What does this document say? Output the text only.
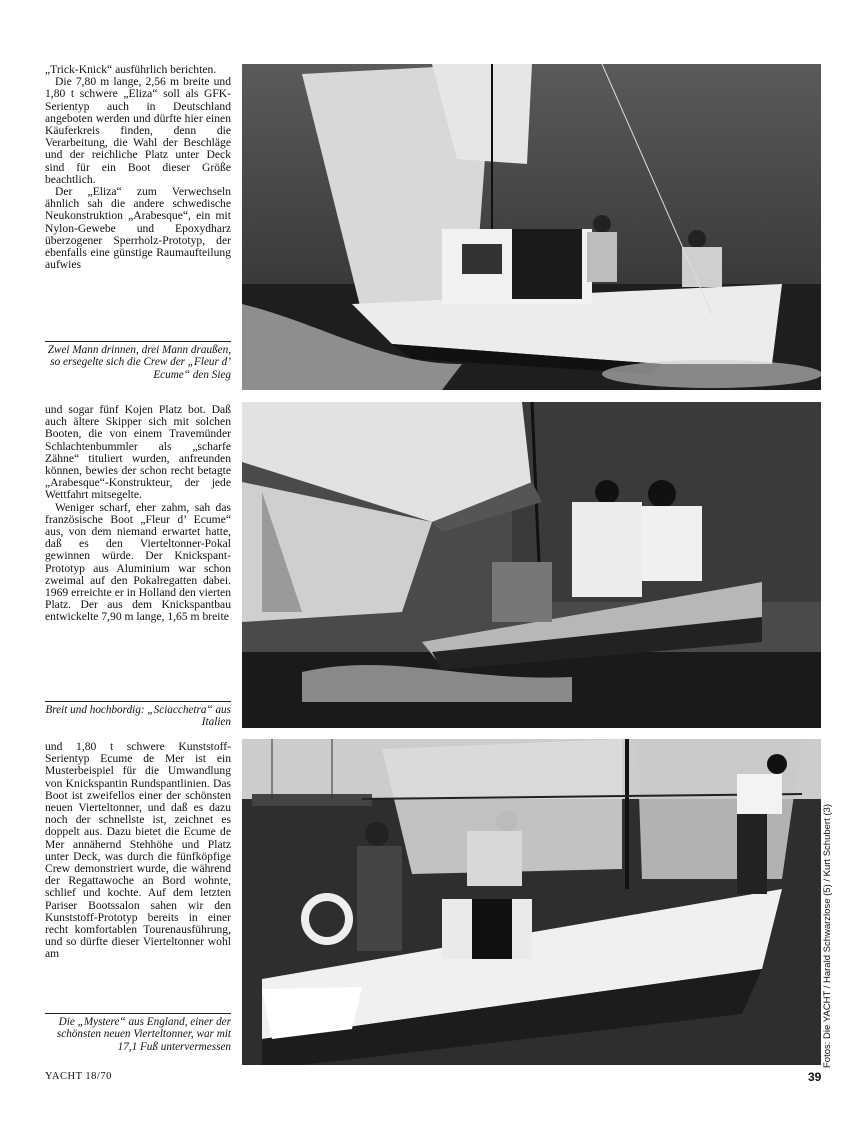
„Trick-Knick“ ausführlich berichten.

Die 7,80 m lange, 2,56 m breite und 1,80 t schwere „Eliza“ soll als GFK-Serientyp auch in Deutschland angeboten werden und dürfte hier einen Käuferkreis finden, denn die Verarbeitung, die Wahl der Beschläge und der reichliche Platz unter Deck sind für ein Boot dieser Größe beachtlich.

Der „Eliza“ zum Verwechseln ähnlich sah die andere schwedische Neukonstruktion „Arabesque“, ein mit Nylon-Gewebe und Epoxydharz überzogener Sperrholz-Prototyp, der ebenfalls eine günstige Raumaufteilung aufwies

Zwei Mann drinnen, drei Mann draußen, so ersegelte sich die Crew der „Fleur d’ Ecume“ den Sieg

und sogar fünf Kojen Platz bot. Daß auch ältere Skipper sich mit solchen Booten, die von einem Travemünder Schlachtenbummler als „scharfe Zähne“ tituliert wurden, anfreunden können, bewies der schon recht betagte „Arabesque“-Konstrukteur, der jede Wettfahrt mitsegelte.

Weniger scharf, eher zahm, sah das französische Boot „Fleur d’ Ecume“ aus, von dem niemand erwartet hatte, daß es den Vierteltonner-Pokal gewinnen würde. Der Knickspant-Prototyp aus Aluminium war schon zweimal auf den Pokalregatten dabei. 1969 erreichte er in Holland den vierten Platz. Der aus dem Knickspantbau entwickelte 7,90 m lange, 1,65 m breite

Breit und hochbordig: „Sciacchetra“ aus Italien

und 1,80 t schwere Kunststoff-Serientyp Ecume de Mer ist ein Musterbeispiel für die Umwandlung von Knickspantin Rundspantlinien. Das Boot ist zweifellos einer der schönsten neuen Vierteltonner, und daß es dazu noch der schnellste ist, zeichnet es doppelt aus. Dazu bietet die Ecume de Mer annähernd Stehhöhe und Platz unter Deck, was durch die fünfköpfige Crew demonstriert wurde, die während der Regattawoche an Bord wohnte, schlief und kochte. Auf dem letzten Pariser Bootssalon sahen wir den Kunststoff-Prototyp bereits in einer recht komfortablen Tourenausführung, und so dürfte dieser Vierteltonner wohl am

Die „Mystere“ aus England, einer der schönsten neuen Vierteltonner, war mit 17,1 Fuß untervermessen	Fotos: Die YACHT / Harald Schwarzlose (5) / Kurt Schubert (3)
YACHT 18/70	39
